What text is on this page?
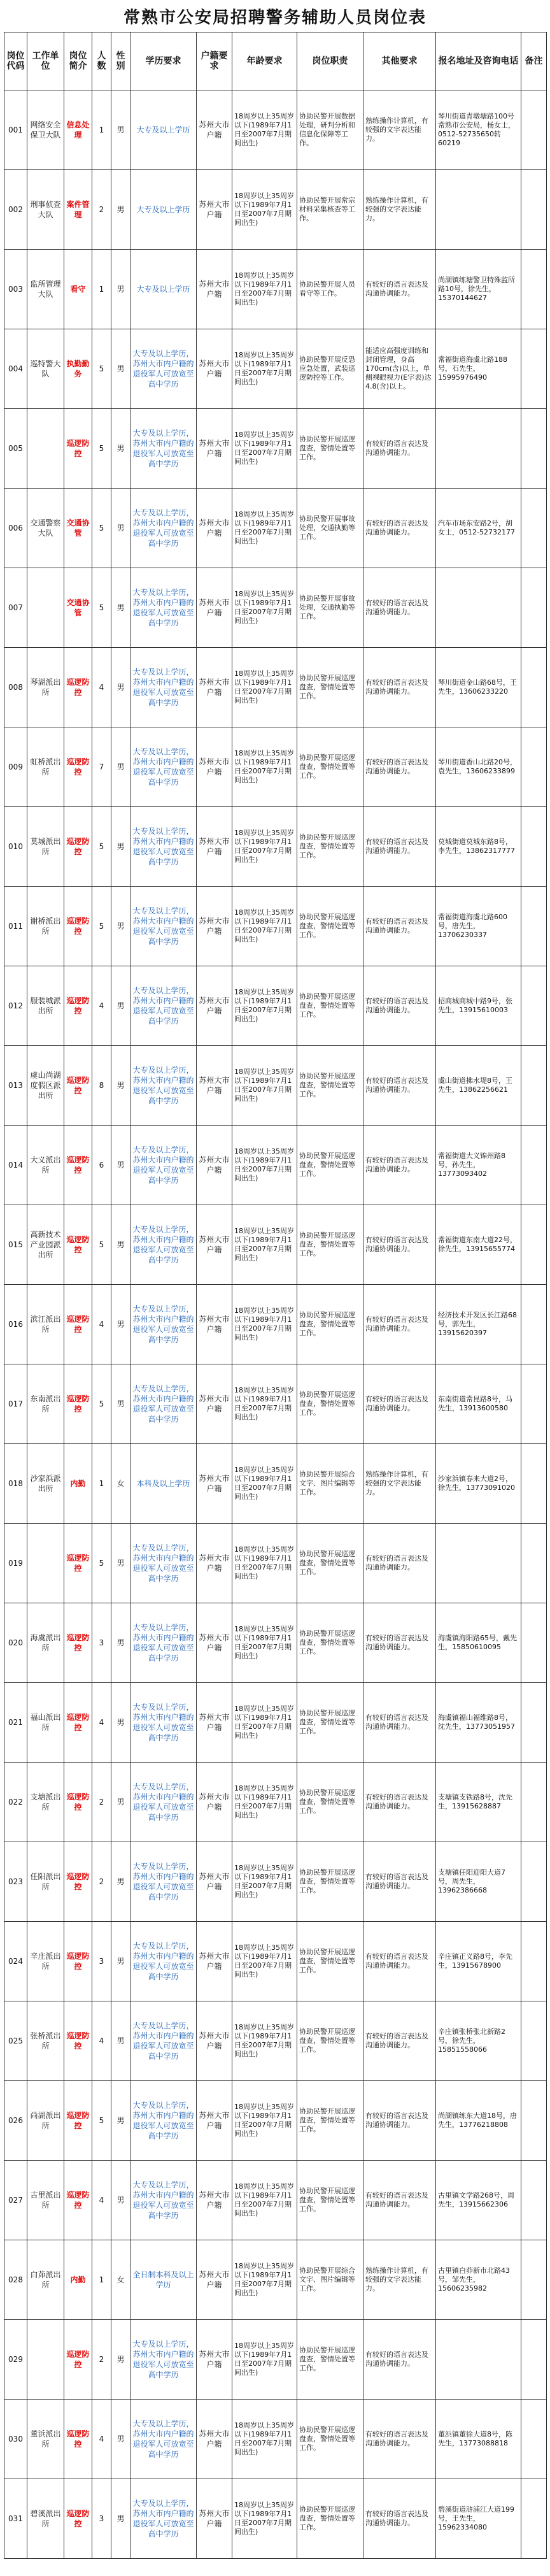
常熟市公安局招聘警务辅助人员岗位表
岗位代码	工作单位	岗位简介	人数	性别	学历要求	户籍要求	年龄要求	岗位职责	其他要求	报名地址及咨询电话	备注
001	网络安全保卫大队	信息处理	1	男	大专及以上学历	苏州大市户籍	18周岁以上35周岁以下(1989年7月1日至2007年7月期间出生)	协助民警开展数据处理，研判分析和信息化保障等工作。	熟练操作计算机，有较强的文字表达能力。	琴川街道青墩塘路100号常熟市公安局，杨女士，0512-52735650转60219	
002	刑事侦查大队	案件管理	2	男	大专及以上学历	苏州大市户籍	18周岁以上35周岁以下(1989年7月1日至2007年7月期间出生)	协助民警开展常宗材料采集核查等工作。	熟练操作计算机，有较强的文字表达能力。		
003	监所管理大队	看守	1	男	大专及以上学历	苏州大市户籍	18周岁以上35周岁以下(1989年7月1日至2007年7月期间出生)	协助民警开展人员看守等工作。	有较好的语言表达及沟通协调能力。	尚湖镇练塘警卫特殊监所路10号，徐先生，15370144627	
004	巡特警大队	执勤勤务	5	男	大专及以上学历，苏州大市内户籍的退役军人可放宽至高中学历	苏州大市户籍	18周岁以上35周岁以下(1989年7月1日至2007年7月期间出生)	协助民警开展反恐应急处置，武装巡逻防控等工作。	能适应高强度训练和封闭管理，身高170cm(含)以上，单侧裸眼视力(E字表)达4.8(含)以上。	常福街道海虞北路188号，石先生，15995976490	
005		巡逻防控	5	男	大专及以上学历，苏州大市内户籍的退役军人可放宽至高中学历	苏州大市户籍	18周岁以上35周岁以下(1989年7月1日至2007年7月期间出生)	协助民警开展巡逻盘查，警情处置等工作。	有较好的语言表达及沟通协调能力。		
006	交通警察大队	交通协管	5	男	大专及以上学历，苏州大市内户籍的退役军人可放宽至高中学历	苏州大市户籍	18周岁以上35周岁以下(1989年7月1日至2007年7月期间出生)	协助民警开展事故处理，交通执勤等工作。	有较好的语言表达及沟通协调能力。	汽车市场东安路2号，胡女士，0512-52732177	
007		交通协管	5	男	大专及以上学历，苏州大市内户籍的退役军人可放宽至高中学历	苏州大市户籍	18周岁以上35周岁以下(1989年7月1日至2007年7月期间出生)	协助民警开展事故处理，交通执勤等工作。	有较好的语言表达及沟通协调能力。		
008	琴湖派出所	巡逻防控	4	男	大专及以上学历，苏州大市内户籍的退役军人可放宽至高中学历	苏州大市户籍	18周岁以上35周岁以下(1989年7月1日至2007年7月期间出生)	协助民警开展巡逻盘查，警情处置等工作。	有较好的语言表达及沟通协调能力。	琴川街道金山路68号，王先生，13606233220	
009	虹桥派出所	巡逻防控	7	男	大专及以上学历，苏州大市内户籍的退役军人可放宽至高中学历	苏州大市户籍	18周岁以上35周岁以下(1989年7月1日至2007年7月期间出生)	协助民警开展巡逻盘查，警情处置等工作。	有较好的语言表达及沟通协调能力。	琴川街道香山北路20号，袁先生，13606233899	
010	莫城派出所	巡逻防控	5	男	大专及以上学历，苏州大市内户籍的退役军人可放宽至高中学历	苏州大市户籍	18周岁以上35周岁以下(1989年7月1日至2007年7月期间出生)	协助民警开展巡逻盘查，警情处置等工作。	有较好的语言表达及沟通协调能力。	莫城街道莫城东路8号，李先生，13862317777	
011	谢桥派出所	巡逻防控	5	男	大专及以上学历，苏州大市内户籍的退役军人可放宽至高中学历	苏州大市户籍	18周岁以上35周岁以下(1989年7月1日至2007年7月期间出生)	协助民警开展巡逻盘查，警情处置等工作。	有较好的语言表达及沟通协调能力。	常福街道海虞北路600号，唐先生，13706230337	
012	服装城派出所	巡逻防控	4	男	大专及以上学历，苏州大市内户籍的退役军人可放宽至高中学历	苏州大市户籍	18周岁以上35周岁以下(1989年7月1日至2007年7月期间出生)	协助民警开展巡逻盘查，警情处置等工作。	有较好的语言表达及沟通协调能力。	招商城商城中路9号，张先生，13915610003	
013	虞山尚湖度假区派出所	巡逻防控	8	男	大专及以上学历，苏州大市内户籍的退役军人可放宽至高中学历	苏州大市户籍	18周岁以上35周岁以下(1989年7月1日至2007年7月期间出生)	协助民警开展巡逻盘查，警情处置等工作。	有较好的语言表达及沟通协调能力。	虞山街道拂水堤8号，王先生，13862256621	
014	大义派出所	巡逻防控	6	男	大专及以上学历，苏州大市内户籍的退役军人可放宽至高中学历	苏州大市户籍	18周岁以上35周岁以下(1989年7月1日至2007年7月期间出生)	协助民警开展巡逻盘查，警情处置等工作。	有较好的语言表达及沟通协调能力。	常福街道大义锦州路8号，孙先生，13773093402	
015	高新技术产业园派出所	巡逻防控	5	男	大专及以上学历，苏州大市内户籍的退役军人可放宽至高中学历	苏州大市户籍	18周岁以上35周岁以下(1989年7月1日至2007年7月期间出生)	协助民警开展巡逻盘查，警情处置等工作。	有较好的语言表达及沟通协调能力。	常福街道东南大道22号，徐先生，13915655774	
016	滨江派出所	巡逻防控	4	男	大专及以上学历，苏州大市内户籍的退役军人可放宽至高中学历	苏州大市户籍	18周岁以上35周岁以下(1989年7月1日至2007年7月期间出生)	协助民警开展巡逻盘查，警情处置等工作。	有较好的语言表达及沟通协调能力。	经济技术开发区长江路68号，郭先生，13915620397	
017	东南派出所	巡逻防控	5	男	大专及以上学历，苏州大市内户籍的退役军人可放宽至高中学历	苏州大市户籍	18周岁以上35周岁以下(1989年7月1日至2007年7月期间出生)	协助民警开展巡逻盘查，警情处置等工作。	有较好的语言表达及沟通协调能力。	东南街道常昆路8号，马先生，13913600580	
018	沙家浜派出所	内勤	1	女	本科及以上学历	苏州大市户籍	18周岁以上35周岁以下(1989年7月1日至2007年7月期间出生)	协助民警开展综合文字、图片编辑等工作。	熟练操作计算机，有较强的文字表达能力。	沙家浜镇春来大道2号，徐先生，13773091020	
019		巡逻防控	5	男	大专及以上学历，苏州大市内户籍的退役军人可放宽至高中学历	苏州大市户籍	18周岁以上35周岁以下(1989年7月1日至2007年7月期间出生)	协助民警开展巡逻盘查，警情处置等工作。	有较好的语言表达及沟通协调能力。		
020	海虞派出所	巡逻防控	3	男	大专及以上学历，苏州大市内户籍的退役军人可放宽至高中学历	苏州大市户籍	18周岁以上35周岁以下(1989年7月1日至2007年7月期间出生)	协助民警开展巡逻盘查，警情处置等工作。	有较好的语言表达及沟通协调能力。	海虞镇海阳路65号，戴先生，15850610095	
021	福山派出所	巡逻防控	4	男	大专及以上学历，苏州大市内户籍的退役军人可放宽至高中学历	苏州大市户籍	18周岁以上35周岁以下(1989年7月1日至2007年7月期间出生)	协助民警开展巡逻盘查，警情处置等工作。	有较好的语言表达及沟通协调能力。	海虞镇福山福维路8号，沈先生，13773051957	
022	支塘派出所	巡逻防控	2	男	大专及以上学历，苏州大市内户籍的退役军人可放宽至高中学历	苏州大市户籍	18周岁以上35周岁以下(1989年7月1日至2007年7月期间出生)	协助民警开展巡逻盘查，警情处置等工作。	有较好的语言表达及沟通协调能力。	支塘镇支铁路8号，沈先生，13915628887	
023	任阳派出所	巡逻防控	2	男	大专及以上学历，苏州大市内户籍的退役军人可放宽至高中学历	苏州大市户籍	18周岁以上35周岁以下(1989年7月1日至2007年7月期间出生)	协助民警开展巡逻盘查，警情处置等工作。	有较好的语言表达及沟通协调能力。	支塘镇任阳迎阳大道7号，周先生，13962386668	
024	辛庄派出所	巡逻防控	3	男	大专及以上学历，苏州大市内户籍的退役军人可放宽至高中学历	苏州大市户籍	18周岁以上35周岁以下(1989年7月1日至2007年7月期间出生)	协助民警开展巡逻盘查，警情处置等工作。	有较好的语言表达及沟通协调能力。	辛庄镇正义路8号，李先生，13915678900	
025	张桥派出所	巡逻防控	4	男	大专及以上学历，苏州大市内户籍的退役军人可放宽至高中学历	苏州大市户籍	18周岁以上35周岁以下(1989年7月1日至2007年7月期间出生)	协助民警开展巡逻盘查，警情处置等工作。	有较好的语言表达及沟通协调能力。	辛庄镇张桥张北新路2号，徐先生，15851558066	
026	尚湖派出所	巡逻防控	5	男	大专及以上学历，苏州大市内户籍的退役军人可放宽至高中学历	苏州大市户籍	18周岁以上35周岁以下(1989年7月1日至2007年7月期间出生)	协助民警开展巡逻盘查，警情处置等工作。	有较好的语言表达及沟通协调能力。	尚湖镇练东大道18号，唐先生，13776218808	
027	古里派出所	巡逻防控	4	男	大专及以上学历，苏州大市内户籍的退役军人可放宽至高中学历	苏州大市户籍	18周岁以上35周岁以下(1989年7月1日至2007年7月期间出生)	协助民警开展巡逻盘查，警情处置等工作。	有较好的语言表达及沟通协调能力。	古里镇文学路268号，周先生，13915662306	
028	白茆派出所	内勤	1	女	全日制本科及以上学历	苏州大市户籍	18周岁以上35周岁以下(1989年7月1日至2007年7月期间出生)	协助民警开展综合文字、图片编辑等工作。	熟练操作计算机，有较强的文字表达能力。	古里镇白茆新市北路43号，邹先生，15606235982	
029		巡逻防控	2	男	大专及以上学历，苏州大市内户籍的退役军人可放宽至高中学历	苏州大市户籍	18周岁以上35周岁以下(1989年7月1日至2007年7月期间出生)	协助民警开展巡逻盘查，警情处置等工作。	有较好的语言表达及沟通协调能力。		
030	董浜派出所	巡逻防控	4	男	大专及以上学历，苏州大市内户籍的退役军人可放宽至高中学历	苏州大市户籍	18周岁以上35周岁以下(1989年7月1日至2007年7月期间出生)	协助民警开展巡逻盘查，警情处置等工作。	有较好的语言表达及沟通协调能力。	董浜镇董徐大道8号，陈先生，13773088818	
031	碧溪派出所	巡逻防控	3	男	大专及以上学历，苏州大市内户籍的退役军人可放宽至高中学历	苏州大市户籍	18周岁以上35周岁以下(1989年7月1日至2007年7月期间出生)	协助民警开展巡逻盘查，警情处置等工作。	有较好的语言表达及沟通协调能力。	碧溪街道浒浦江大道199号，王先生，15962334080	
